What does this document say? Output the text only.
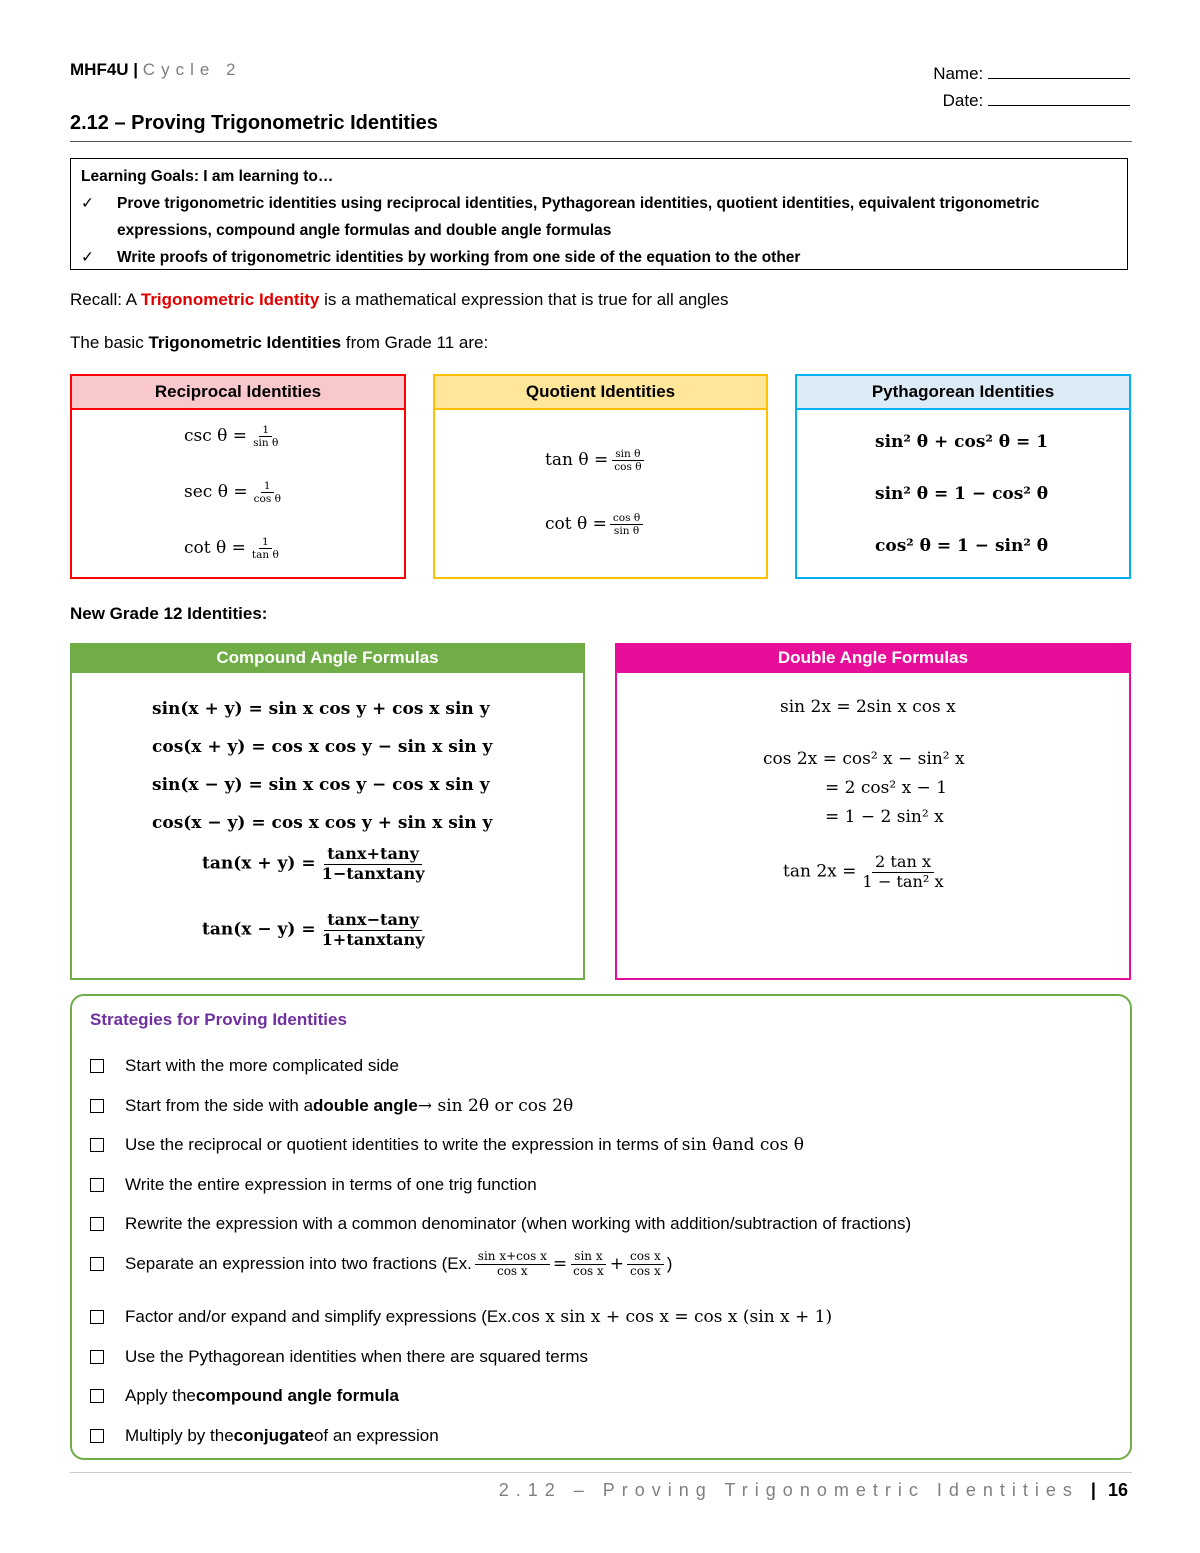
MHF4U | Cycle 2	Name:
Date:
2.12 – Proving Trigonometric Identities
Learning Goals: I am learning to…
✓	Prove trigonometric identities using reciprocal identities, Pythagorean identities, quotient identities, equivalent trigonometric expressions, compound angle formulas and double angle formulas
✓	Write proofs of trigonometric identities by working from one side of the equation to the other
Recall: A Trigonometric Identity is a mathematical expression that is true for all angles
The basic Trigonometric Identities from Grade 11 are:
Reciprocal Identities
$\csc \theta = \frac{1}{\text{sin θ}}$
$\sec \theta = \frac{1}{\text{cos θ}}$
$\cot \theta = \frac{1}{\text{tan θ}}$
Quotient Identities
$\tan \theta = \frac{\text{sin θ}}{\text{cos θ}}$
$\cot \theta = \frac{\text{cos θ}}{\text{sin θ}}$
Pythagorean Identities
sin² θ + cos² θ = 1
sin² θ = 1 − cos² θ
cos² θ = 1 − sin² θ
New Grade 12 Identities:
Compound Angle Formulas
sin(x + y) = sin x cos y + cos x sin y
cos(x + y) = cos x cos y − sin x sin y
sin(x − y) = sin x cos y − cos x sin y
cos(x − y) = cos x cos y + sin x sin y
$\tan(x + y) = \frac{\tan x+\tan y}{\text{1−tanxtany}}$
$\tan(x - y) = \frac{\tan x-\tan y}{\text{1+tanxtany}}$
Double Angle Formulas
sin 2x = 2sin x cos x
cos 2x = cos² x − sin² x
= 2 cos² x − 1
= 1 − 2 sin² x
$\tan 2x = \frac{\text{2 tan x}}{\text{1 − tan² x}}$
Strategies for Proving Identities
Start with the more complicated side
Start from the side with a double angle → sin 2θ or cos 2θ
Use the reciprocal or quotient identities to write the expression in terms of sin θ and cos θ
Write the entire expression in terms of one trig function
Rewrite the expression with a common denominator (when working with addition/subtraction of fractions)
Separate an expression into two fractions (Ex. $\frac{\text{sin x+cos x}}{\text{cos x}} = \frac{\text{sin x}}{\text{cos x}} + \frac{\text{cos x}}{\text{cos x}}$ )
Factor and/or expand and simplify expressions (Ex. cos x sin x + cos x = cos x (sin x + 1)
Use the Pythagorean identities when there are squared terms
Apply the compound angle formula
Multiply by the conjugate of an expression
2.12 – Proving Trigonometric Identities | 16
